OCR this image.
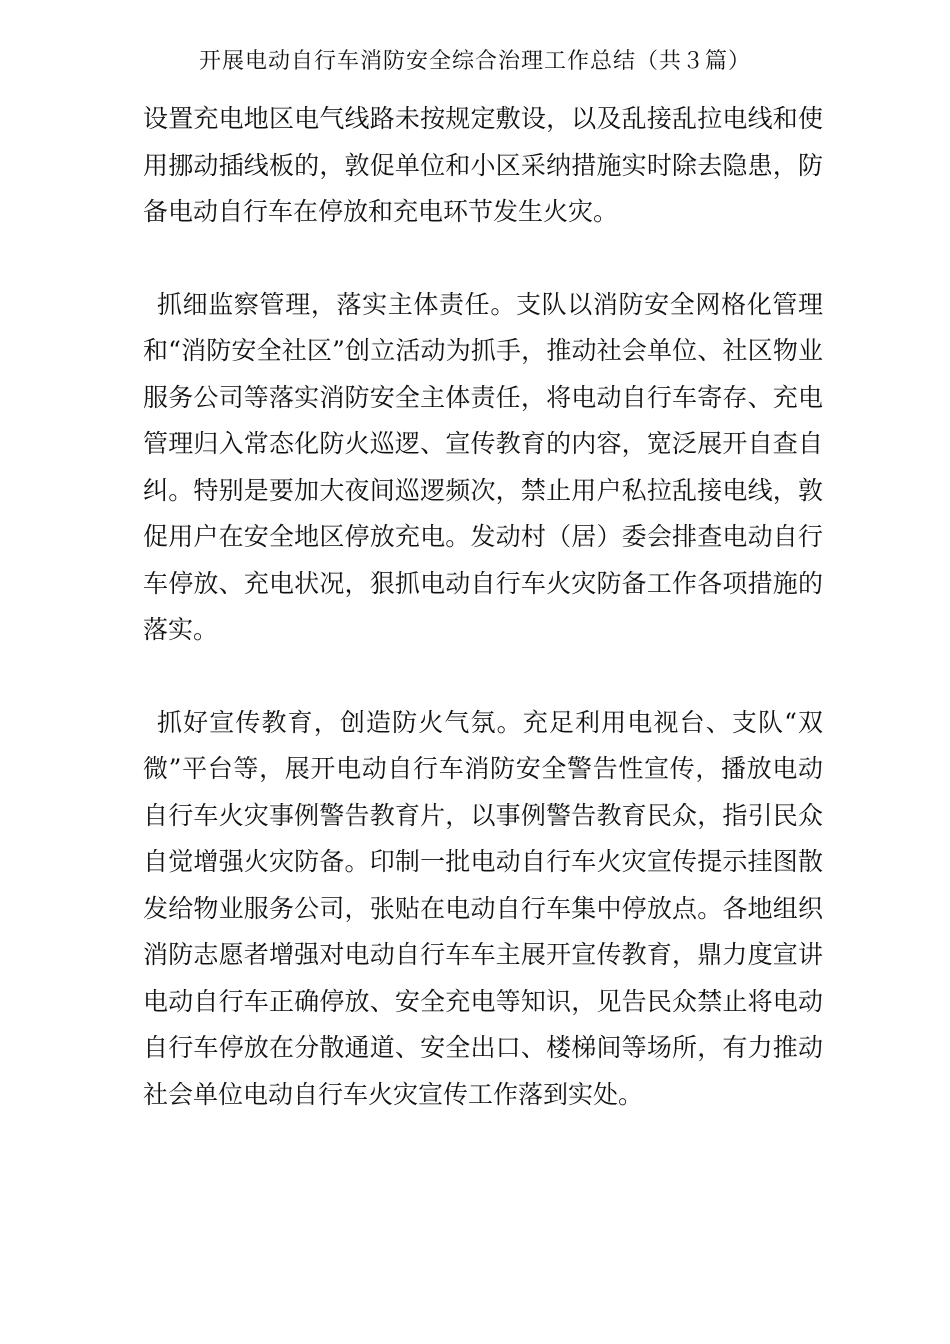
开展电动自行车消防安全综合治理工作总结（共３篇）

设置充电地区电气线路未按规定敷设，以及乱接乱拉电线和使用挪动插线板的，敦促单位和小区采纳措施实时除去隐患，防备电动自行车在停放和充电环节发生火灾。

抓细监察管理，落实主体责任。支队以消防安全网格化管理和“消防安全社区”创立活动为抓手，推动社会单位、社区物业服务公司等落实消防安全主体责任，将电动自行车寄存、充电管理归入常态化防火巡逻、宣传教育的内容，宽泛展开自查自纠。特别是要加大夜间巡逻频次，禁止用户私拉乱接电线，敦促用户在安全地区停放充电。发动村（居）委会排查电动自行车停放、充电状况，狠抓电动自行车火灾防备工作各项措施的落实。

抓好宣传教育，创造防火气氛。充足利用电视台、支队“双微”平台等，展开电动自行车消防安全警告性宣传，播放电动自行车火灾事例警告教育片，以事例警告教育民众，指引民众自觉增强火灾防备。印制一批电动自行车火灾宣传提示挂图散发给物业服务公司，张贴在电动自行车集中停放点。各地组织消防志愿者增强对电动自行车车主展开宣传教育，鼎力度宣讲电动自行车正确停放、安全充电等知识，见告民众禁止将电动自行车停放在分散通道、安全出口、楼梯间等场所，有力推动社会单位电动自行车火灾宣传工作落到实处。
